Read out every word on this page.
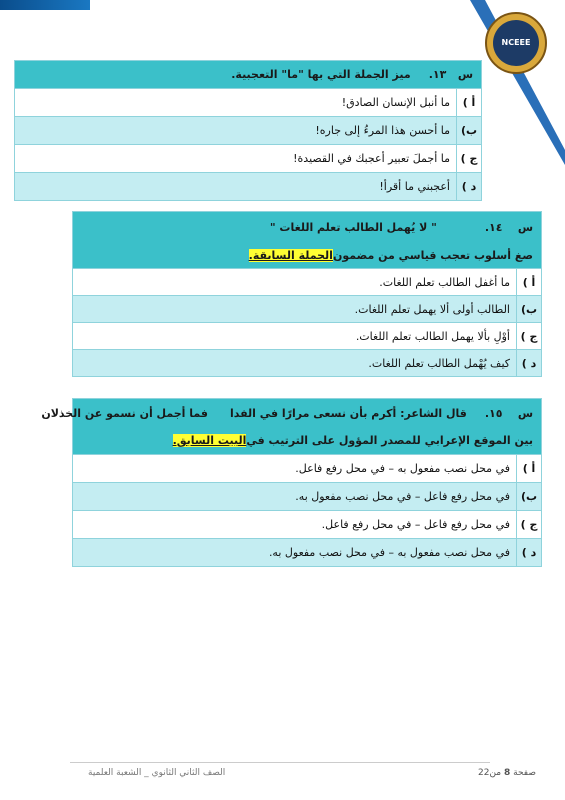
NCEEE
س   ١٣.
ميز الجملة التي بها "ما" التعجبية.
أ )
ما أنبل الإنسان الصادق!
ب)
ما أحسن هذا المرءُ إلى جاره!
ج )
ما أجملَ تعبير أعجبك في القصيدة!
د )
أعجبني ما أقرأ!
س    ١٤.
" لا يُهمل الطالب تعلم اللغات "
صغ أسلوب تعجب قياسي من مضمون
الجملة السابقة.
أ )
ما أغفل الطالب تعلم اللغات.
ب)
الطالب أولى ألا يهمل تعلم اللغات.
ج )
أوْلِ بألا يهمل الطالب تعلم اللغات.
د )
كيف يُهْمل الطالب تعلم اللغات.
س    ١٥.
قال الشاعر: أكرم بأن نسعى مرارًا في الفدا
فما أجمل أن نسمو عن الخذلان
بين الموقع الإعرابي للمصدر المؤول على الترتيب في
البيت السابق.
أ )
في محل نصب مفعول به – في محل رفع فاعل.
ب)
في محل رفع فاعل – في محل نصب مفعول به.
ج )
في محل رفع فاعل – في محل رفع فاعل.
د )
في محل نصب مفعول به – في محل نصب مفعول به.
صفحة 8 من22
الصف الثاني الثانوي _ الشعبة العلمية
